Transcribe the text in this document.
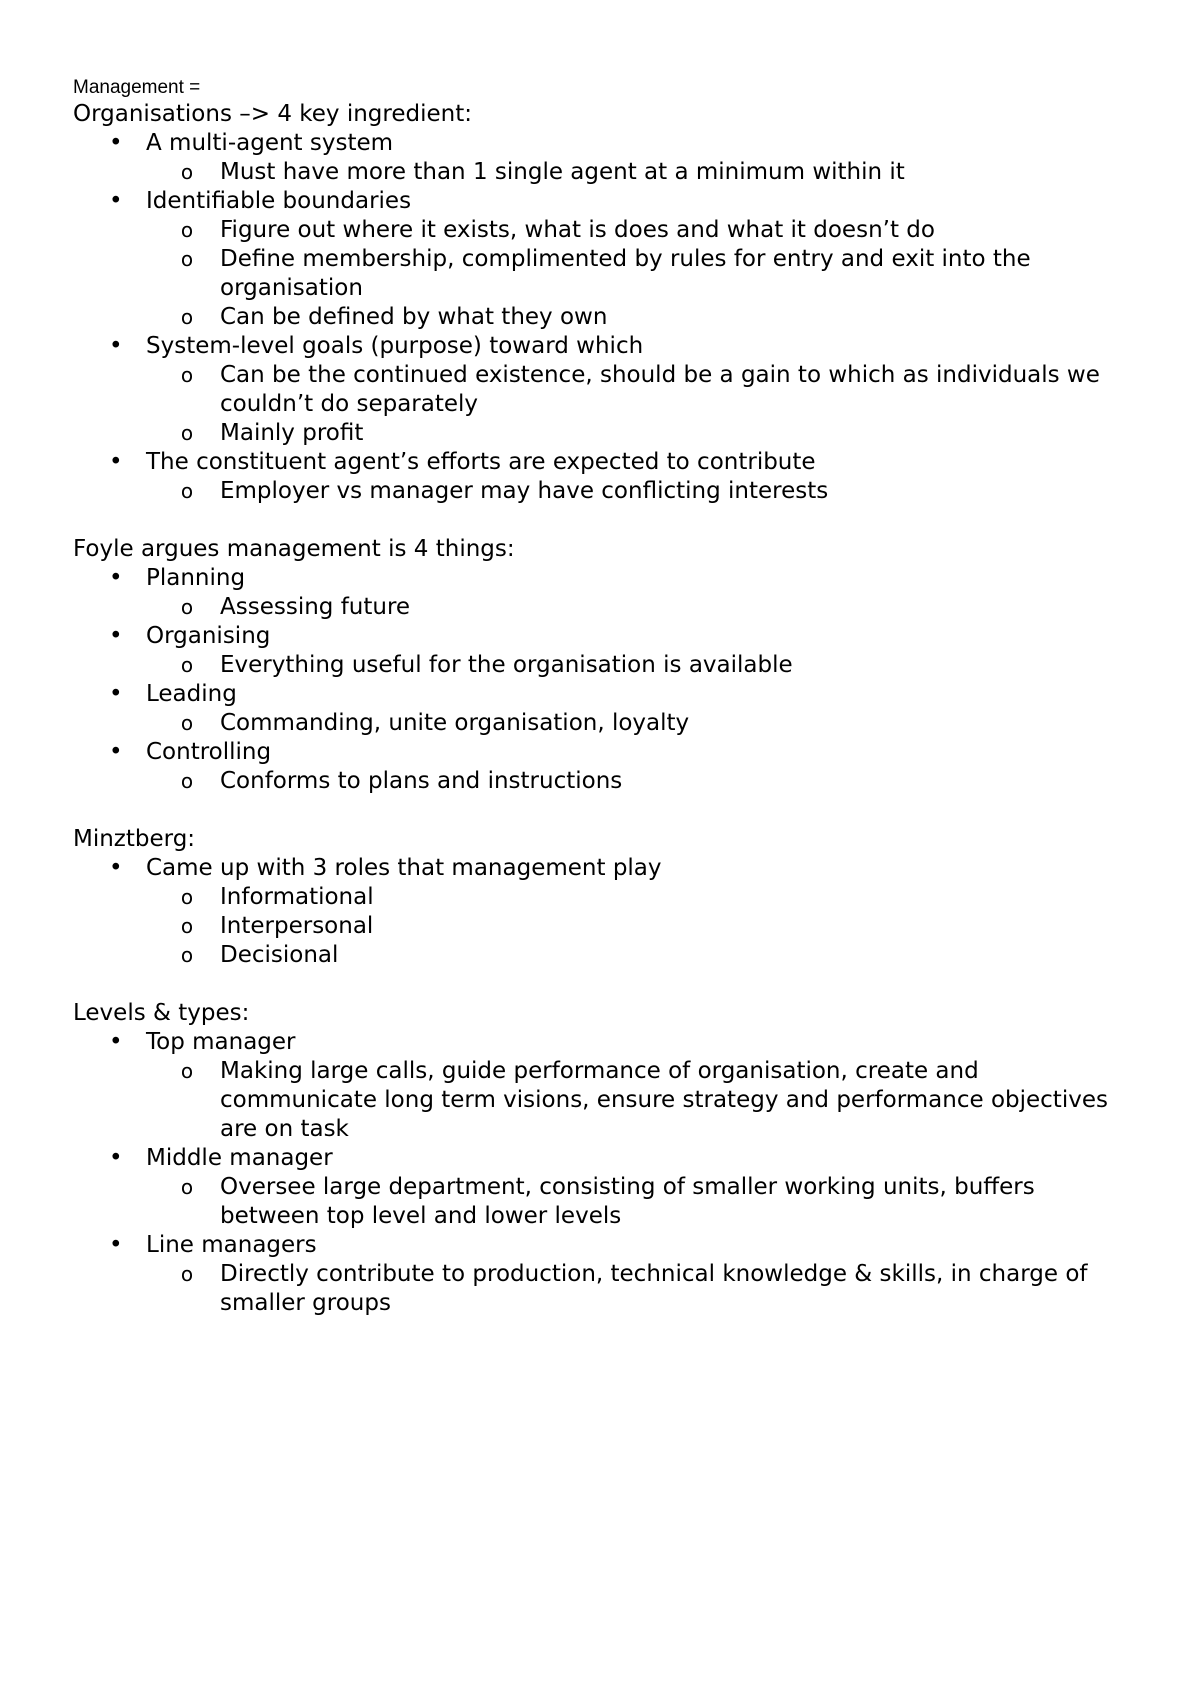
Management =
Organisations –> 4 key ingredient:
• A multi-agent system
o Must have more than 1 single agent at a minimum within it
• Identifiable boundaries
o Figure out where it exists, what is does and what it doesn’t do
o Define membership, complimented by rules for entry and exit into the organisation
o Can be defined by what they own
• System-level goals (purpose) toward which
o Can be the continued existence, should be a gain to which as individuals we couldn’t do separately
o Mainly profit
• The constituent agent’s efforts are expected to contribute
o Employer vs manager may have conflicting interests
Foyle argues management is 4 things:
• Planning
o Assessing future
• Organising
o Everything useful for the organisation is available
• Leading
o Commanding, unite organisation, loyalty
• Controlling
o Conforms to plans and instructions
Minztberg:
• Came up with 3 roles that management play
o Informational
o Interpersonal
o Decisional
Levels & types:
• Top manager
o Making large calls, guide performance of organisation, create and communicate long term visions, ensure strategy and performance objectives are on task
• Middle manager
o Oversee large department, consisting of smaller working units, buffers between top level and lower levels
• Line managers
o Directly contribute to production, technical knowledge & skills, in charge of smaller groups
